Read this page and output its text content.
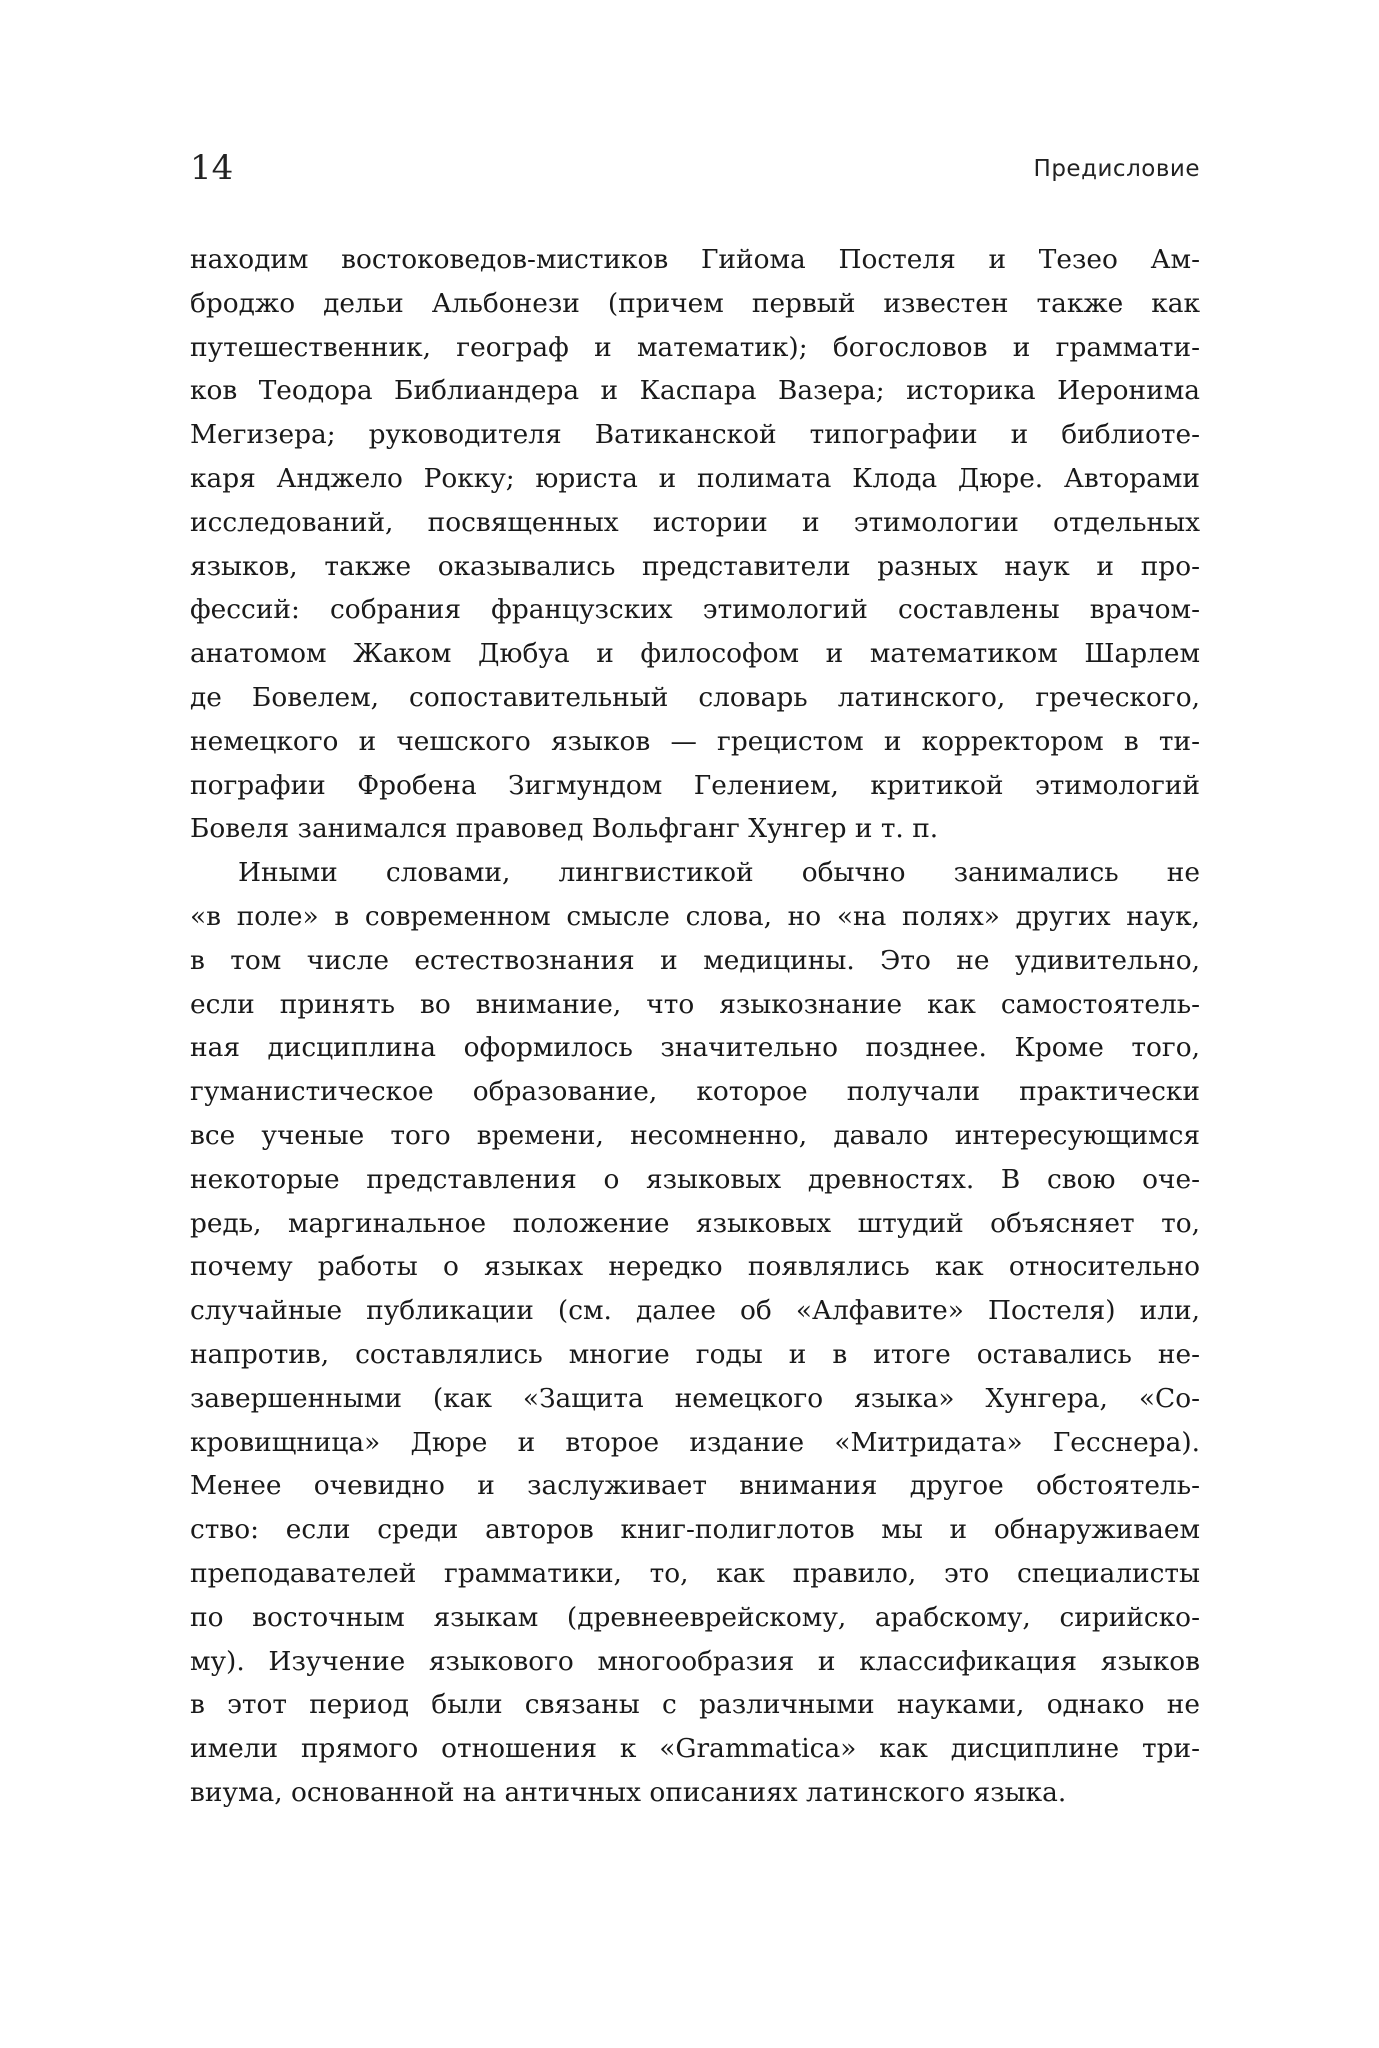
14	Предисловие

находим востоковедов-мистиков Гийома Постеля и Тезео Ам-
броджо дельи Альбонези (причем первый известен также как
путешественник, географ и математик); богословов и граммати-
ков Теодора Библиандера и Каспара Вазера; историка Иеронима
Мегизера; руководителя Ватиканской типографии и библиоте-
каря Анджело Рокку; юриста и полимата Клода Дюре. Авторами
исследований, посвященных истории и этимологии отдельных
языков, также оказывались представители разных наук и про-
фессий: собрания французских этимологий составлены врачом-
анатомом Жаком Дюбуа и философом и математиком Шарлем
де Бовелем, сопоставительный словарь латинского, греческого,
немецкого и чешского языков — грецистом и корректором в ти-
пографии Фробена Зигмундом Гелением, критикой этимологий
Бовеля занимался правовед Вольфганг Хунгер и т. п.

Иными словами, лингвистикой обычно занимались не
«в поле» в современном смысле слова, но «на полях» других наук,
в том числе естествознания и медицины. Это не удивительно,
если принять во внимание, что языкознание как самостоятель-
ная дисциплина оформилось значительно позднее. Кроме того,
гуманистическое образование, которое получали практически
все ученые того времени, несомненно, давало интересующимся
некоторые представления о языковых древностях. В свою оче-
редь, маргинальное положение языковых штудий объясняет то,
почему работы о языках нередко появлялись как относительно
случайные публикации (см. далее об «Алфавите» Постеля) или,
напротив, составлялись многие годы и в итоге оставались не-
завершенными (как «Защита немецкого языка» Хунгера, «Со-
кровищница» Дюре и второе издание «Митридата» Гесснера).
Менее очевидно и заслуживает внимания другое обстоятель-
ство: если среди авторов книг-полиглотов мы и обнаруживаем
преподавателей грамматики, то, как правило, это специалисты
по восточным языкам (древнееврейскому, арабскому, сирийско-
му). Изучение языкового многообразия и классификация языков
в этот период были связаны с различными науками, однако не
имели прямого отношения к «Grammatica» как дисциплине три-
виума, основанной на античных описаниях латинского языка.
